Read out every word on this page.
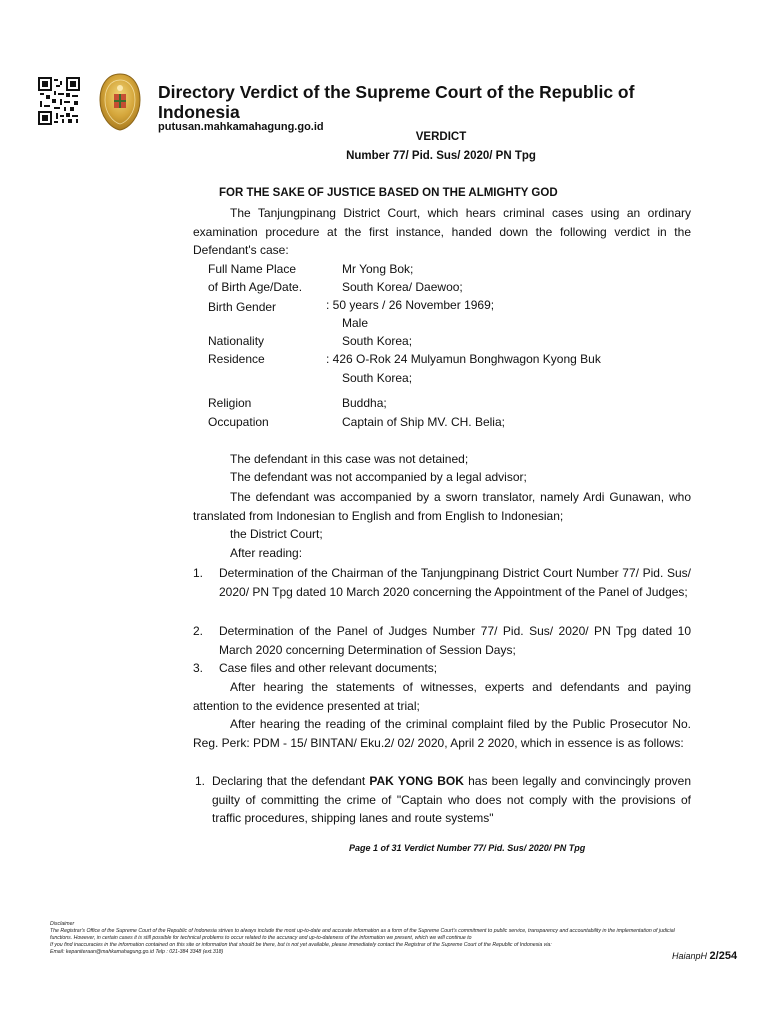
Directory Verdict of the Supreme Court of the Republic of Indonesia
putusan.mahkamahagung.go.id
VERDICT
Number 77/ Pid. Sus/ 2020/ PN Tpg
FOR THE SAKE OF JUSTICE BASED ON THE ALMIGHTY GOD
The Tanjungpinang District Court, which hears criminal cases using an ordinary examination procedure at the first instance, handed down the following verdict in the Defendant's case:
Full Name Place
of Birth Age/Date.
Birth Gender
Nationality
Residence
Religion
Occupation
Mr Yong Bok;
South Korea/ Daewoo;
: 50 years / 26 November 1969;
Male
South Korea;
: 426 O-Rok 24 Mulyamun Bonghwagon Kyong Buk
South Korea;
Buddha;
Captain of Ship MV. CH. Belia;
The defendant in this case was not detained;
The defendant was not accompanied by a legal advisor;
The defendant was accompanied by a sworn translator, namely Ardi Gunawan, who translated from Indonesian to English and from English to Indonesian;
the District Court;
After reading:
1. Determination of the Chairman of the Tanjungpinang District Court Number 77/ Pid. Sus/ 2020/ PN Tpg dated 10 March 2020 concerning the Appointment of the Panel of Judges;
2. Determination of the Panel of Judges Number 77/ Pid. Sus/ 2020/ PN Tpg dated 10 March 2020 concerning Determination of Session Days;
3. Case files and other relevant documents;
After hearing the statements of witnesses, experts and defendants and paying attention to the evidence presented at trial;
After hearing the reading of the criminal complaint filed by the Public Prosecutor No. Reg. Perk: PDM - 15/ BINTAN/ Eku.2/ 02/ 2020, April 2 2020, which in essence is as follows:
1. Declaring that the defendant PAK YONG BOK has been legally and convincingly proven guilty of committing the crime of "Captain who does not comply with the provisions of traffic procedures, shipping lanes and route systems"
Page 1 of 31 Verdict Number 77/ Pid. Sus/ 2020/ PN Tpg
Disclaimer
The Registrar's Office of the Supreme Court of the Republic of Indonesia strives to always include the most up-to-date and accurate information as a form of the Supreme Court's commitment to public service, transparency and accountability in the implementation of judicial functions. However, in certain cases it is still possible for technical problems to occur related to the accuracy and up-to-dateness of the information we present, which we will continue to
If you find inaccuracies in the information contained on this site or information that should be there, but is not yet available, please immediately contact the Registrar of the Supreme Court of the Republic of Indonesia via:
Email: kepaniteraan@mahkamahagung.go.id Telp : 021-384 3348 (ext.318)	HaianpH 2/254
